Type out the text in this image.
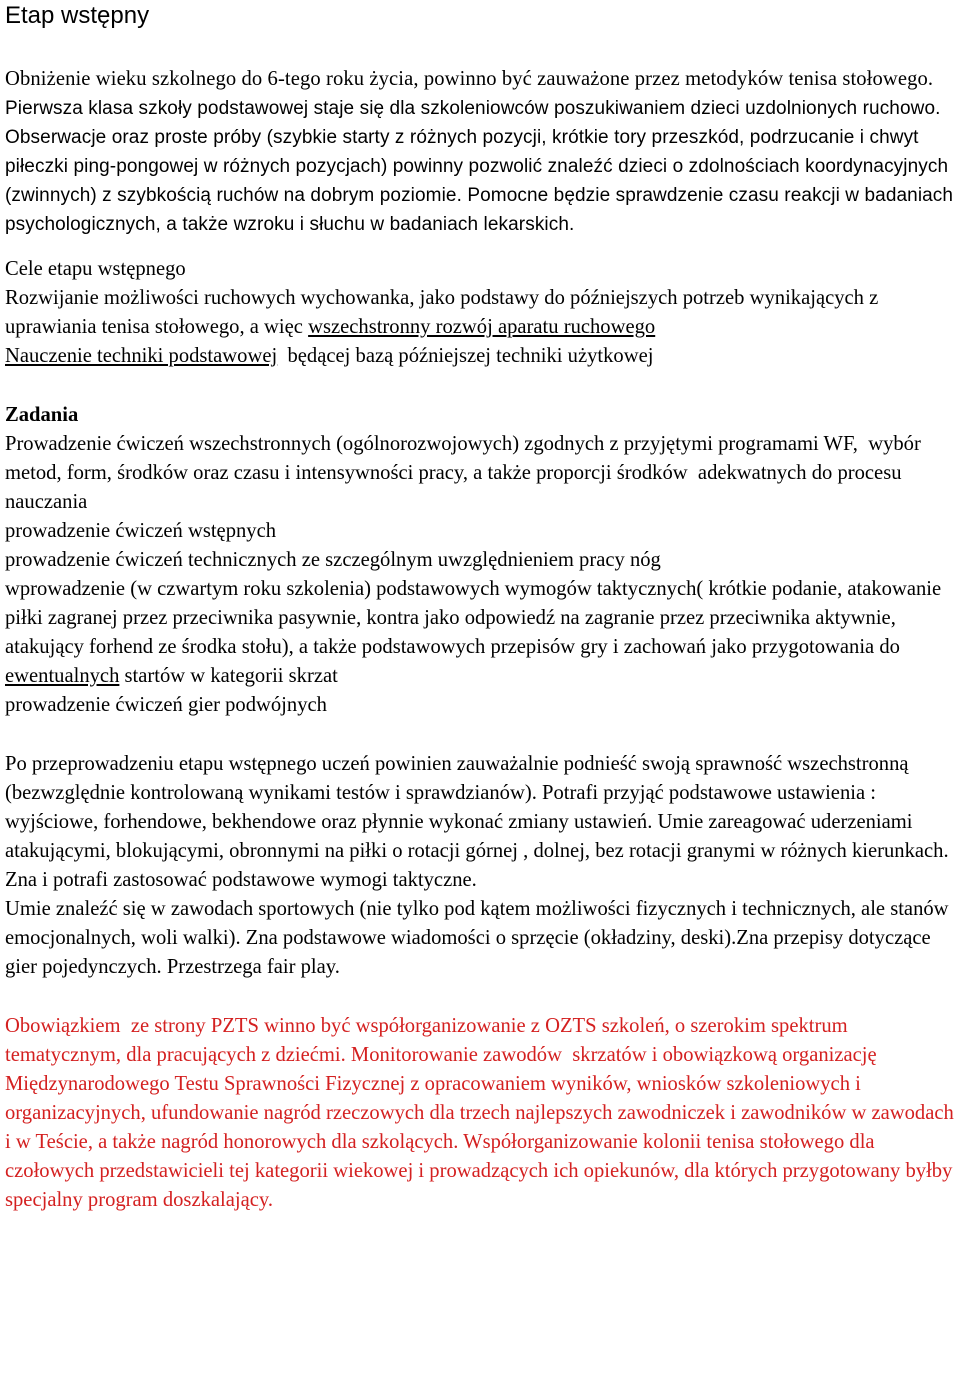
Etap wstępny

Obniżenie wieku szkolnego do 6-tego roku życia, powinno być zauważone przez metodyków tenisa stołowego.

Pierwsza klasa szkoły podstawowej staje się dla szkoleniowców poszukiwaniem dzieci uzdolnionych ruchowo.

Obserwacje oraz proste próby (szybkie starty z różnych pozycji, krótkie tory przeszkód, podrzucanie i chwyt piłeczki ping-pongowej w różnych pozycjach) powinny pozwolić znaleźć dzieci o zdolnościach koordynacyjnych (zwinnych) z szybkością ruchów na dobrym poziomie.

Pomocne będzie sprawdzenie czasu reakcji w badaniach psychologicznych, a także wzroku i słuchu w badaniach lekarskich.

Cele etapu wstępnego
Rozwijanie możliwości ruchowych wychowanka, jako podstawy do późniejszych potrzeb wynikających z uprawiania tenisa stołowego, a więc wszechstronny rozwój aparatu ruchowego
Nauczenie techniki podstawowej  będącej bazą późniejszej techniki użytkowej
Zadania
Prowadzenie ćwiczeń wszechstronnych (ogólnorozwojowych) zgodnych z przyjętymi programami WF,  wybór metod, form, środków oraz czasu i intensywności pracy, a także proporcji środków  adekwatnych do procesu nauczania
prowadzenie ćwiczeń wstępnych
prowadzenie ćwiczeń technicznych ze szczególnym uwzględnieniem pracy nóg
wprowadzenie (w czwartym roku szkolenia) podstawowych wymogów taktycznych( krótkie podanie, atakowanie piłki zagranej przez przeciwnika pasywnie, kontra jako odpowiedź na zagranie przez przeciwnika aktywnie, atakujący forhend ze środka stołu), a także podstawowych przepisów gry i zachowań jako przygotowania do ewentualnych startów w kategorii skrzat
prowadzenie ćwiczeń gier podwójnych
Po przeprowadzeniu etapu wstępnego uczeń powinien zauważalnie podnieść swoją sprawność wszechstronną (bezwzględnie kontrolowaną wynikami testów i sprawdzianów). Potrafi przyjąć podstawowe ustawienia : wyjściowe, forhendowe, bekhendowe oraz płynnie wykonać zmiany ustawień. Umie zareagować uderzeniami atakującymi, blokującymi, obronnymi na piłki o rotacji górnej , dolnej, bez rotacji granymi w różnych kierunkach. Zna i potrafi zastosować podstawowe wymogi taktyczne.
Umie znaleźć się w zawodach sportowych (nie tylko pod kątem możliwości fizycznych i technicznych, ale stanów emocjonalnych, woli walki). Zna podstawowe wiadomości o sprzęcie (okładziny, deski).Zna przepisy dotyczące gier pojedynczych. Przestrzega fair play.
Obowiązkiem  ze strony PZTS winno być współorganizowanie z OZTS szkoleń, o szerokim spektrum tematycznym, dla pracujących z dziećmi. Monitorowanie zawodów  skrzatów i obowiązkową organizację Międzynarodowego Testu Sprawności Fizycznej z opracowaniem wyników, wniosków szkoleniowych i organizacyjnych, ufundowanie nagród rzeczowych dla trzech najlepszych zawodniczek i zawodników w zawodach i w Teście, a także nagród honorowych dla szkolących. Współorganizowanie kolonii tenisa stołowego dla czołowych przedstawicieli tej kategorii wiekowej i prowadzących ich opiekunów, dla których przygotowany byłby specjalny program doszkalający.
